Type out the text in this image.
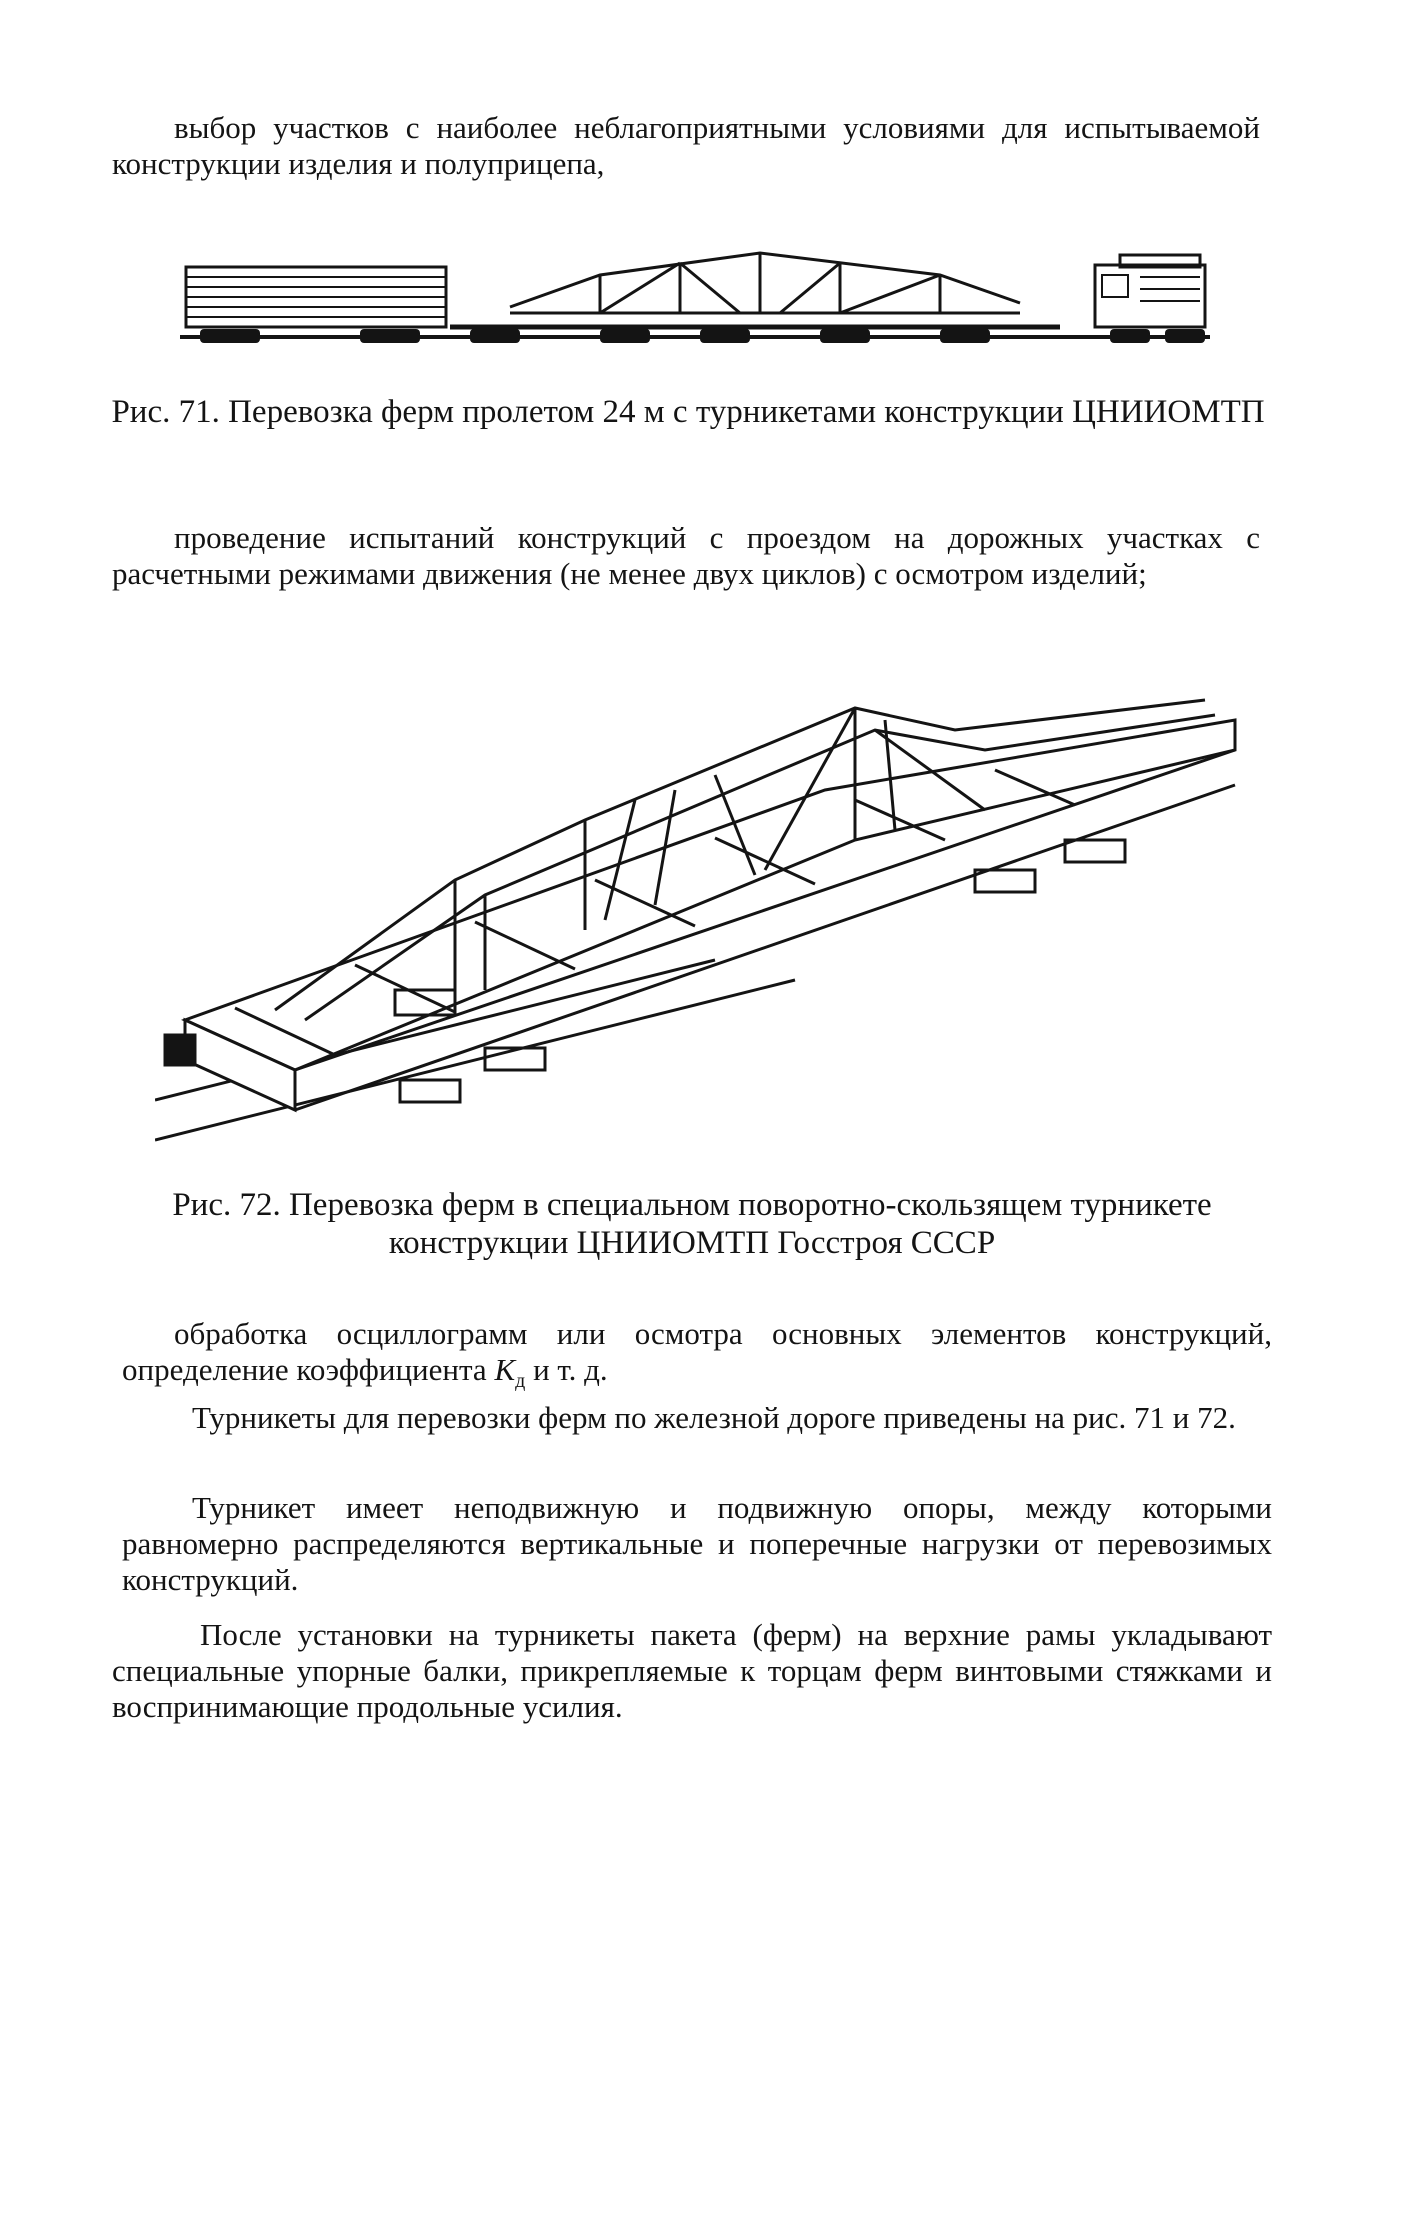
выбор участков с наиболее неблагоприятными условиями для испытываемой конструкции изделия и полуприцепа,

Рис. 71. Перевозка ферм пролетом 24 м с турникетами конструкции ЦНИИОМТП

проведение испытаний конструкций с проездом на дорожных участках с расчетными режимами движения (не менее двух циклов) с осмотром изделий;

Рис. 72. Перевозка ферм в специальном поворотно-скользящем турникете конструкции ЦНИИОМТП Госстроя СССР

обработка осциллограмм или осмотра основных элементов конструкций, определение коэффициента $K_д$ и т. д.

Турникеты для перевозки ферм по железной дороге приведены на рис. 71 и 72.

Турникет имеет неподвижную и подвижную опоры, между которыми равномерно распределяются вертикальные и поперечные нагрузки от перевозимых конструкций.

После установки на турникеты пакета (ферм) на верхние рамы укладывают специальные упорные балки, прикрепляемые к торцам ферм винтовыми стяжками и воспринимающие продольные усилия.
